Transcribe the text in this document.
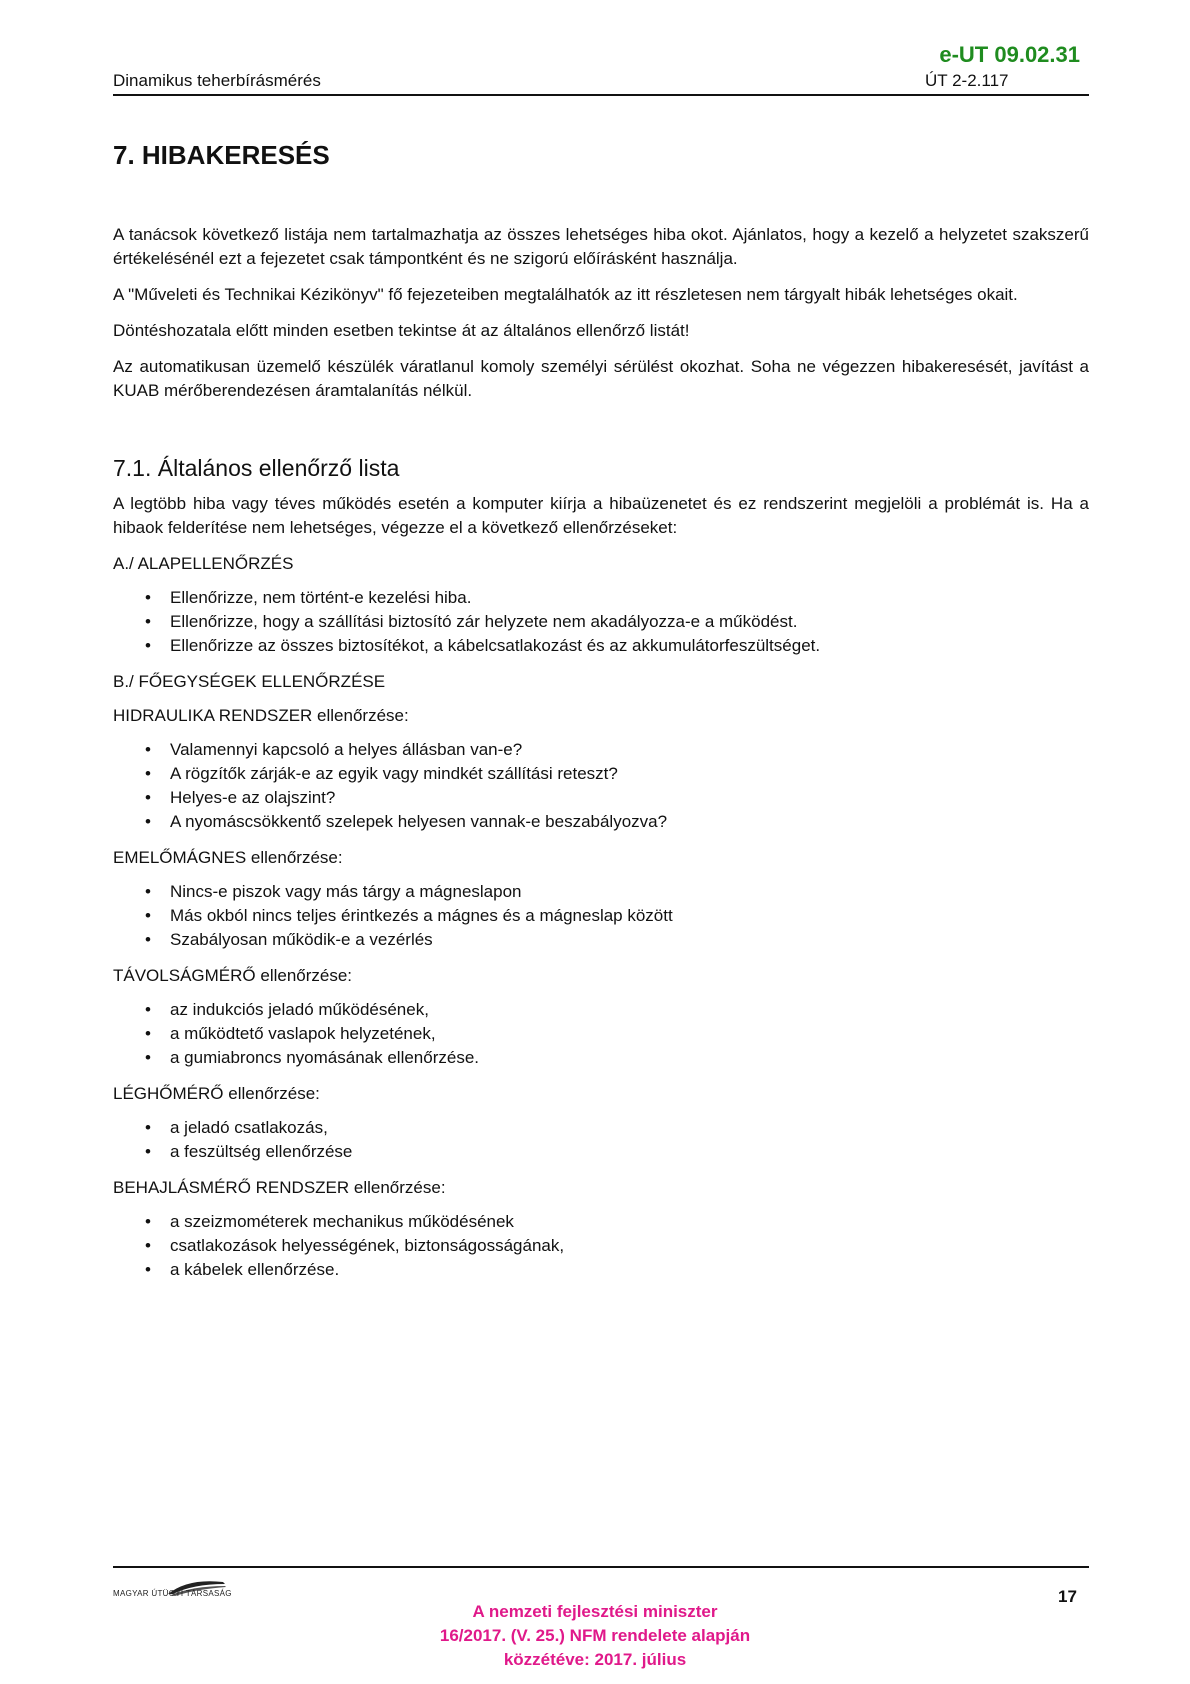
e-UT 09.02.31
Dinamikus teherbírásmérés	ÚT 2-2.117
7. HIBAKERESÉS

A tanácsok következő listája nem tartalmazhatja az összes lehetséges hiba okot. Ajánlatos, hogy a kezelő a helyzetet szakszerű értékelésénél ezt a fejezetet csak támpontként és ne szigorú előírásként használja.

A "Műveleti és Technikai Kézikönyv" fő fejezeteiben megtalálhatók az itt részletesen nem tárgyalt hibák lehetséges okait.

Döntéshozatala előtt minden esetben tekintse át az általános ellenőrző listát!

Az automatikusan üzemelő készülék váratlanul komoly személyi sérülést okozhat. Soha ne végezzen hibakeresését, javítást a KUAB mérőberendezésen áramtalanítás nélkül.

7.1. Általános ellenőrző lista

A legtöbb hiba vagy téves működés esetén a komputer kiírja a hibaüzenetet és ez rendszerint megjelöli a problémát is. Ha a hibaok felderítése nem lehetséges, végezze el a következő ellenőrzéseket:

A./ ALAPELLENŐRZÉS
• Ellenőrizze, nem történt-e kezelési hiba.
• Ellenőrizze, hogy a szállítási biztosító zár helyzete nem akadályozza-e a működést.
• Ellenőrizze az összes biztosítékot, a kábelcsatlakozást és az akkumulátorfeszültséget.
B./ FŐEGYSÉGEK ELLENŐRZÉSE
HIDRAULIKA RENDSZER ellenőrzése:
• Valamennyi kapcsoló a helyes állásban van-e?
• A rögzítők zárják-e az egyik vagy mindkét szállítási reteszt?
• Helyes-e az olajszint?
• A nyomáscsökkentő szelepek helyesen vannak-e beszabályozva?
EMELŐMÁGNES ellenőrzése:
• Nincs-e piszok vagy más tárgy a mágneslapon
• Más okból nincs teljes érintkezés a mágnes és a mágneslap között
• Szabályosan működik-e a vezérlés
TÁVOLSÁGMÉRŐ ellenőrzése:
• az indukciós jeladó működésének,
• a működtető vaslapok helyzetének,
• a gumiabroncs nyomásának ellenőrzése.
LÉGHŐMÉRŐ ellenőrzése:
• a jeladó csatlakozás,
• a feszültség ellenőrzése
BEHAJLÁSMÉRŐ RENDSZER ellenőrzése:
• a szeizmométerek mechanikus működésének
• csatlakozások helyességének, biztonságosságának,
• a kábelek ellenőrzése.
MAGYAR ÚTÜGYI TÁRSASÁG	17
A nemzeti fejlesztési miniszter
16/2017. (V. 25.) NFM rendelete alapján
közzétéve: 2017. július
